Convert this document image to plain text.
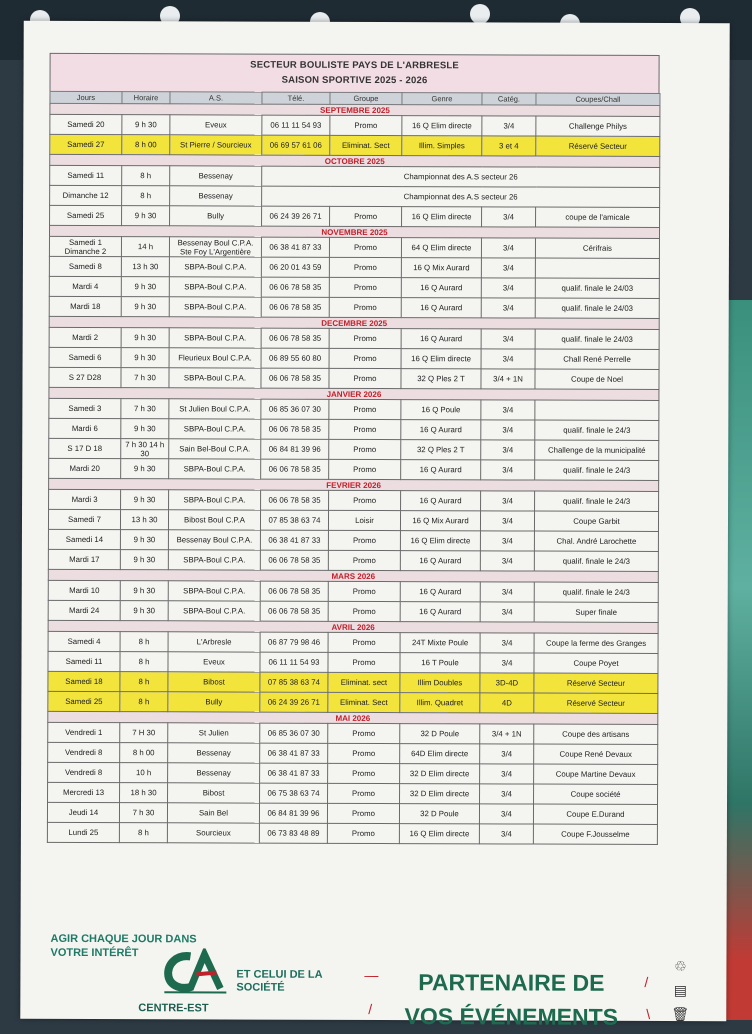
SECTEUR BOULISTE PAYS DE L'ARBRESLE
SAISON SPORTIVE 2025 - 2026
Jours	Horaire	A.S.	Télé.	Groupe	Genre	Catég.	Coupes/Chall
SEPTEMBRE 2025							
Samedi 20	9 h 30	Eveux	06 11 11 54 93	Promo	16 Q Elim directe	3/4	Challenge Philys
Samedi 27	8 h 00	St Pierre / Sourcieux	06 69 57 61 06	Eliminat. Sect	Illim. Simples	3 et 4	Réservé Secteur
OCTOBRE 2025							
Samedi 11	8 h	Bessenay	Championnat des A.S secteur 26				
Dimanche 12	8 h	Bessenay	Championnat des A.S secteur 26				
Samedi 25	9 h 30	Bully	06 24 39 26 71	Promo	16 Q Elim directe	3/4	coupe de l'amicale
NOVEMBRE 2025							
Samedi 1 Dimanche 2	14 h	Bessenay Boul C.P.A. Ste Foy L'Argentière	06 38 41 87 33	Promo	64 Q Elim directe	3/4	Cérifrais
Samedi 8	13 h 30	SBPA-Boul C.P.A.	06 20 01 43 59	Promo	16 Q Mix Aurard	3/4	
Mardi 4	9 h 30	SBPA-Boul C.P.A.	06 06 78 58 35	Promo	16 Q Aurard	3/4	qualif. finale le 24/03
Mardi 18	9 h 30	SBPA-Boul C.P.A.	06 06 78 58 35	Promo	16 Q Aurard	3/4	qualif. finale le 24/03
DECEMBRE 2025							
Mardi 2	9 h 30	SBPA-Boul C.P.A.	06 06 78 58 35	Promo	16 Q Aurard	3/4	qualif. finale le 24/03
Samedi 6	9 h 30	Fleurieux Boul C.P.A.	06 89 55 60 80	Promo	16 Q Elim directe	3/4	Chall René Perrelle
S 27 D28	7 h 30	SBPA-Boul C.P.A.	06 06 78 58 35	Promo	32 Q Ples 2 T	3/4 + 1N	Coupe de Noel
JANVIER 2026							
Samedi 3	7 h 30	St Julien Boul C.P.A.	06 85 36 07 30	Promo	16 Q Poule	3/4	
Mardi 6	9 h 30	SBPA-Boul C.P.A.	06 06 78 58 35	Promo	16 Q Aurard	3/4	qualif. finale le 24/3
S 17 D 18	7 h 30 14 h 30	Sain Bel-Boul C.P.A.	06 84 81 39 96	Promo	32 Q Ples 2 T	3/4	Challenge de la municipalité
Mardi 20	9 h 30	SBPA-Boul C.P.A.	06 06 78 58 35	Promo	16 Q Aurard	3/4	qualif. finale le 24/3
FEVRIER 2026							
Mardi 3	9 h 30	SBPA-Boul C.P.A.	06 06 78 58 35	Promo	16 Q Aurard	3/4	qualif. finale le 24/3
Samedi 7	13 h 30	Bibost Boul C.P.A	07 85 38 63 74	Loisir	16 Q Mix Aurard	3/4	Coupe Garbit
Samedi 14	9 h 30	Bessenay Boul C.P.A.	06 38 41 87 33	Promo	16 Q Elim directe	3/4	Chal. André Larochette
Mardi 17	9 h 30	SBPA-Boul C.P.A.	06 06 78 58 35	Promo	16 Q Aurard	3/4	qualif. finale le 24/3
MARS 2026							
Mardi 10	9 h 30	SBPA-Boul C.P.A.	06 06 78 58 35	Promo	16 Q Aurard	3/4	qualif. finale le 24/3
Mardi 24	9 h 30	SBPA-Boul C.P.A.	06 06 78 58 35	Promo	16 Q Aurard	3/4	Super finale
AVRIL 2026							
Samedi 4	8 h	L'Arbresle	06 87 79 98 46	Promo	24T Mixte Poule	3/4	Coupe la ferme des Granges
Samedi 11	8 h	Eveux	06 11 11 54 93	Promo	16 T Poule	3/4	Coupe Poyet
Samedi 18	8 h	Bibost	07 85 38 63 74	Eliminat. sect	Illim Doubles	3D-4D	Réservé Secteur
Samedi 25	8 h	Bully	06 24 39 26 71	Eliminat. Sect	Illim. Quadret	4D	Réservé Secteur
MAI 2026							
Vendredi 1	7 H 30	St Julien	06 85 36 07 30	Promo	32 D Poule	3/4 + 1N	Coupe des artisans
Vendredi 8	8 h 00	Bessenay	06 38 41 87 33	Promo	64D Elim directe	3/4	Coupe René Devaux
Vendredi 8	10 h	Bessenay	06 38 41 87 33	Promo	32 D Elim directe	3/4	Coupe Martine Devaux
Mercredi 13	18 h 30	Bibost	06 75 38 63 74	Promo	32 D Elim directe	3/4	Coupe société
Jeudi 14	7 h 30	Sain Bel	06 84 81 39 96	Promo	32 D Poule	3/4	Coupe E.Durand
Lundi 25	8 h	Sourcieux	06 73 83 48 89	Promo	16 Q Elim directe	3/4	Coupe F.Jousselme
AGIR CHAQUE JOUR DANS VOTRE INTÉRÊT
ET CELUI DE LA SOCIÉTÉ
CENTRE-EST
—
/
/
\
PARTENAIRE DE
VOS ÉVÉNEMENTS
♲
▤
🗑
